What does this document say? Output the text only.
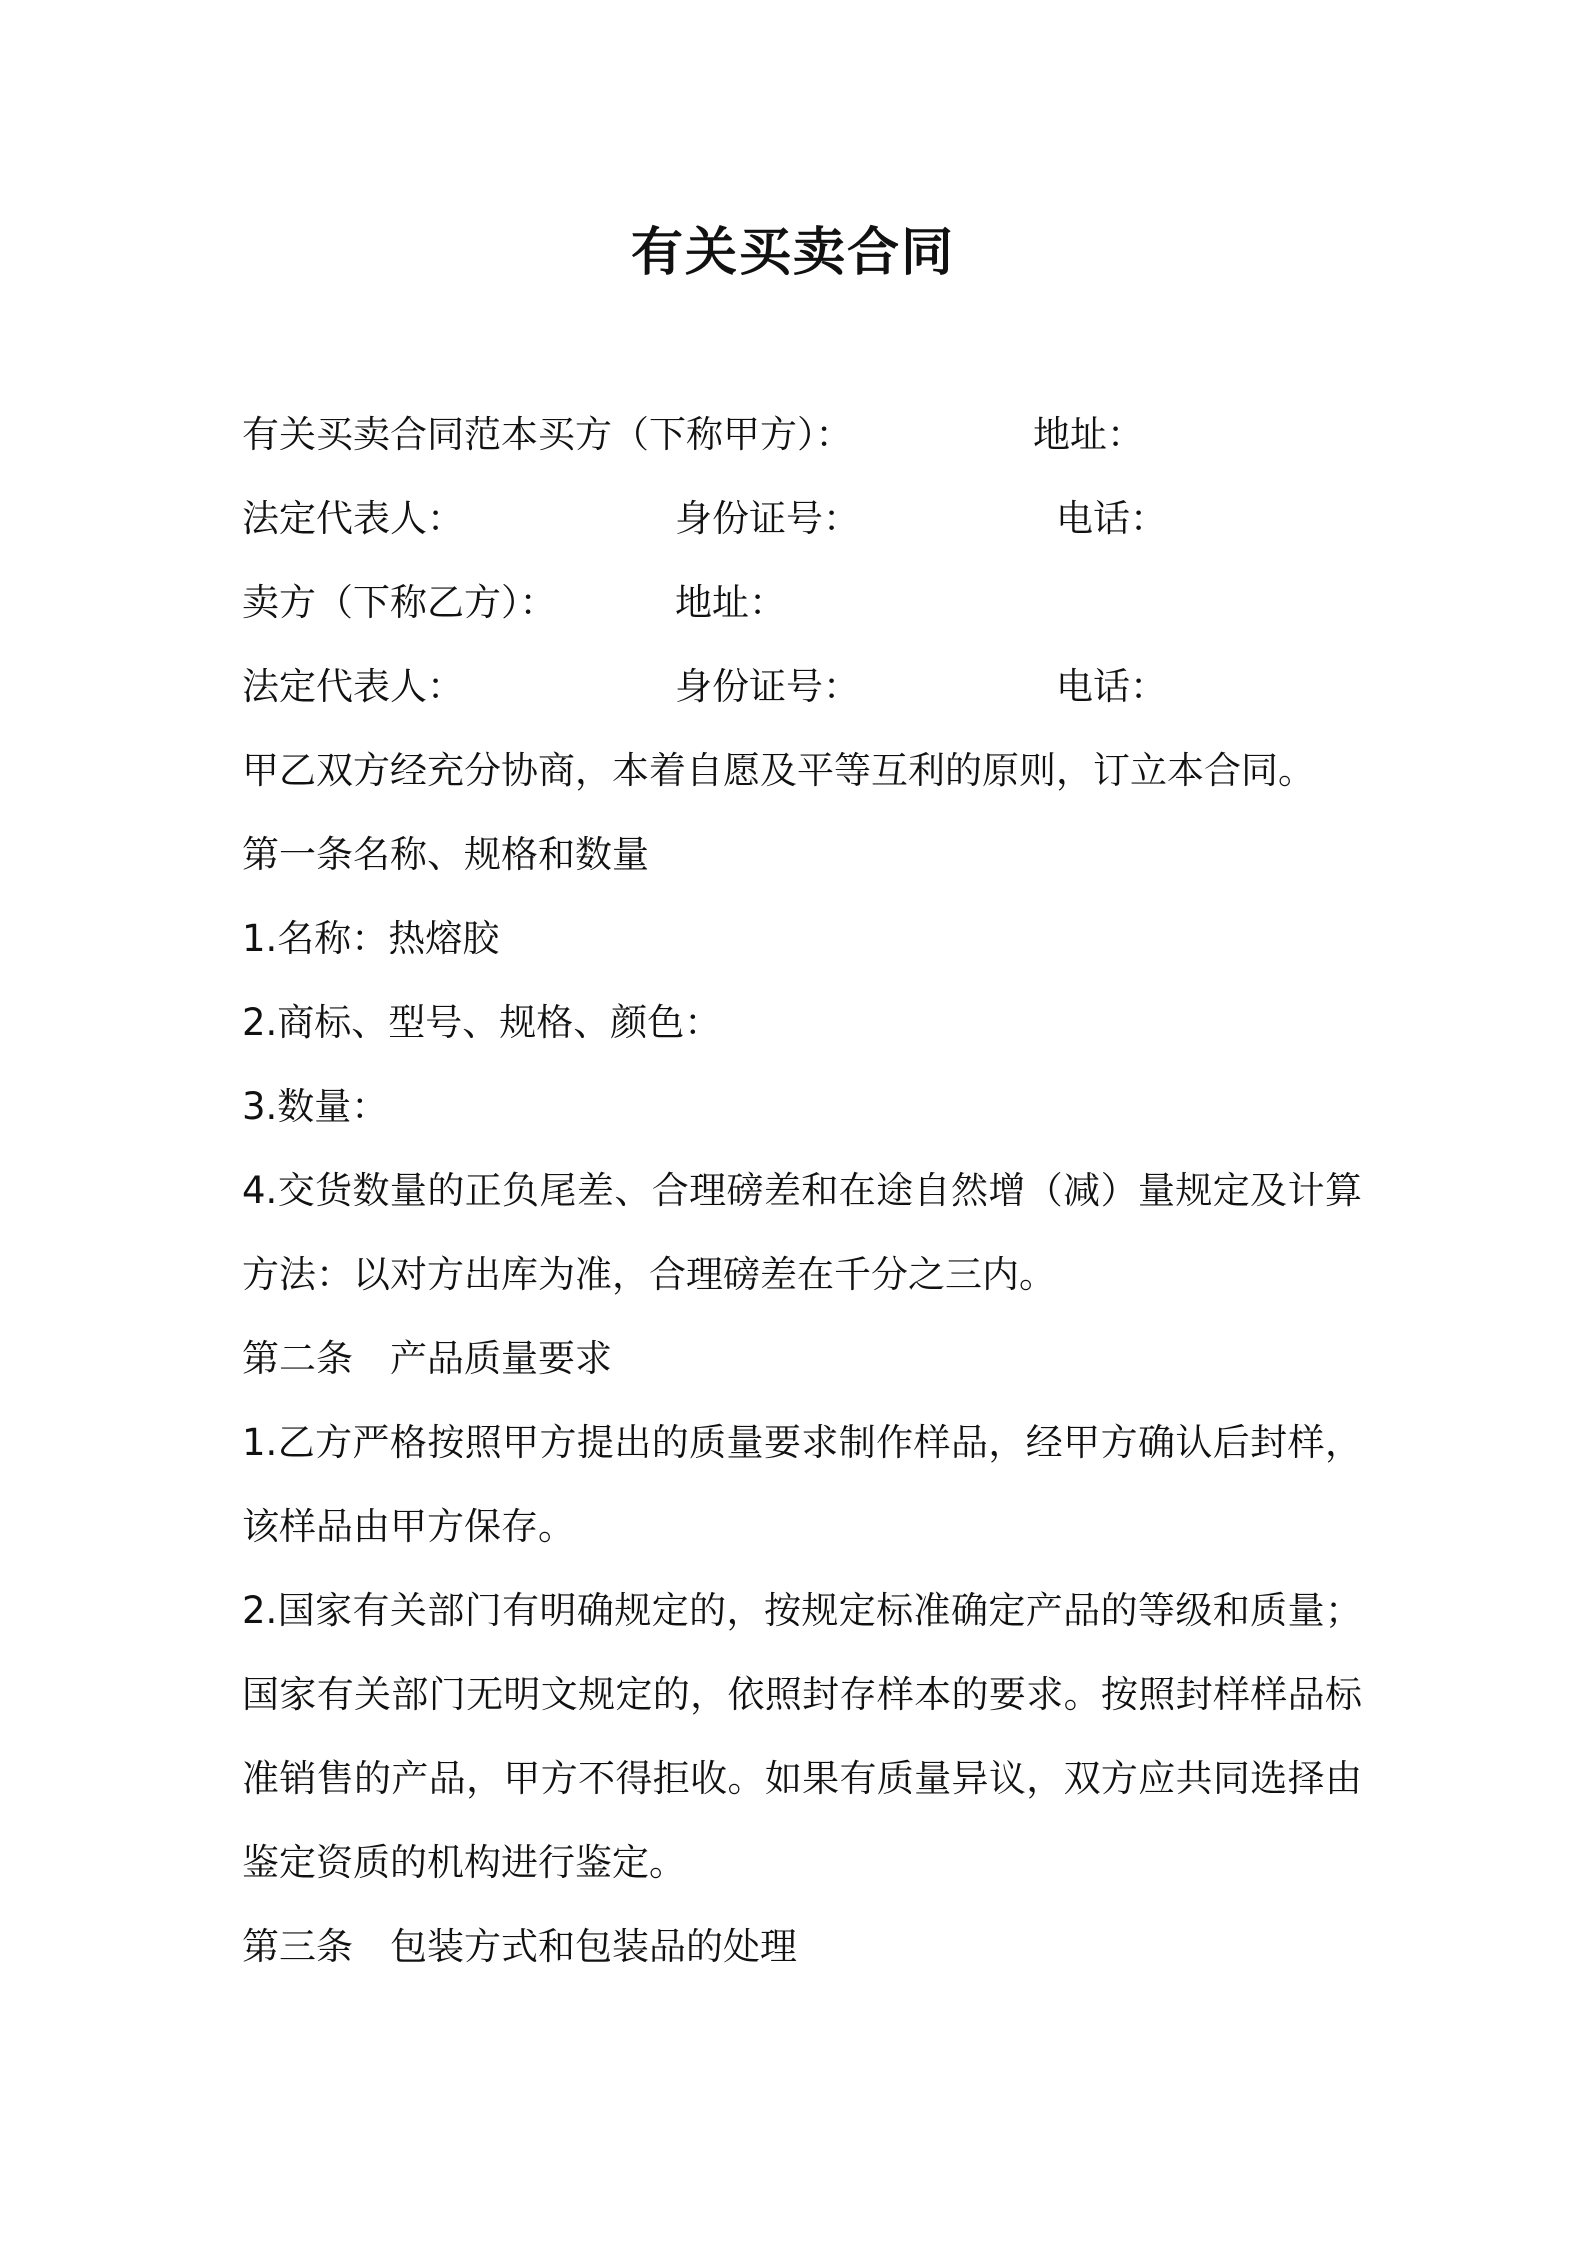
有关买卖合同
有关买卖合同范本买方（下称甲方）：	地址：
法定代表人：	身份证号：	电话：
卖方（下称乙方）：	地址：
法定代表人：	身份证号：	电话：
甲乙双方经充分协商，本着自愿及平等互利的原则，订立本合同。
第一条名称、规格和数量
1.名称：热熔胶
2.商标、型号、规格、颜色：
3.数量：
4.交货数量的正负尾差、合理磅差和在途自然增（减）量规定及计算方法：以对方出库为准，合理磅差在千分之三内。
第二条　产品质量要求
1.乙方严格按照甲方提出的质量要求制作样品，经甲方确认后封样，该样品由甲方保存。
2.国家有关部门有明确规定的，按规定标准确定产品的等级和质量；国家有关部门无明文规定的，依照封存样本的要求。按照封样样品标准销售的产品，甲方不得拒收。如果有质量异议，双方应共同选择由鉴定资质的机构进行鉴定。
第三条　包装方式和包装品的处理
